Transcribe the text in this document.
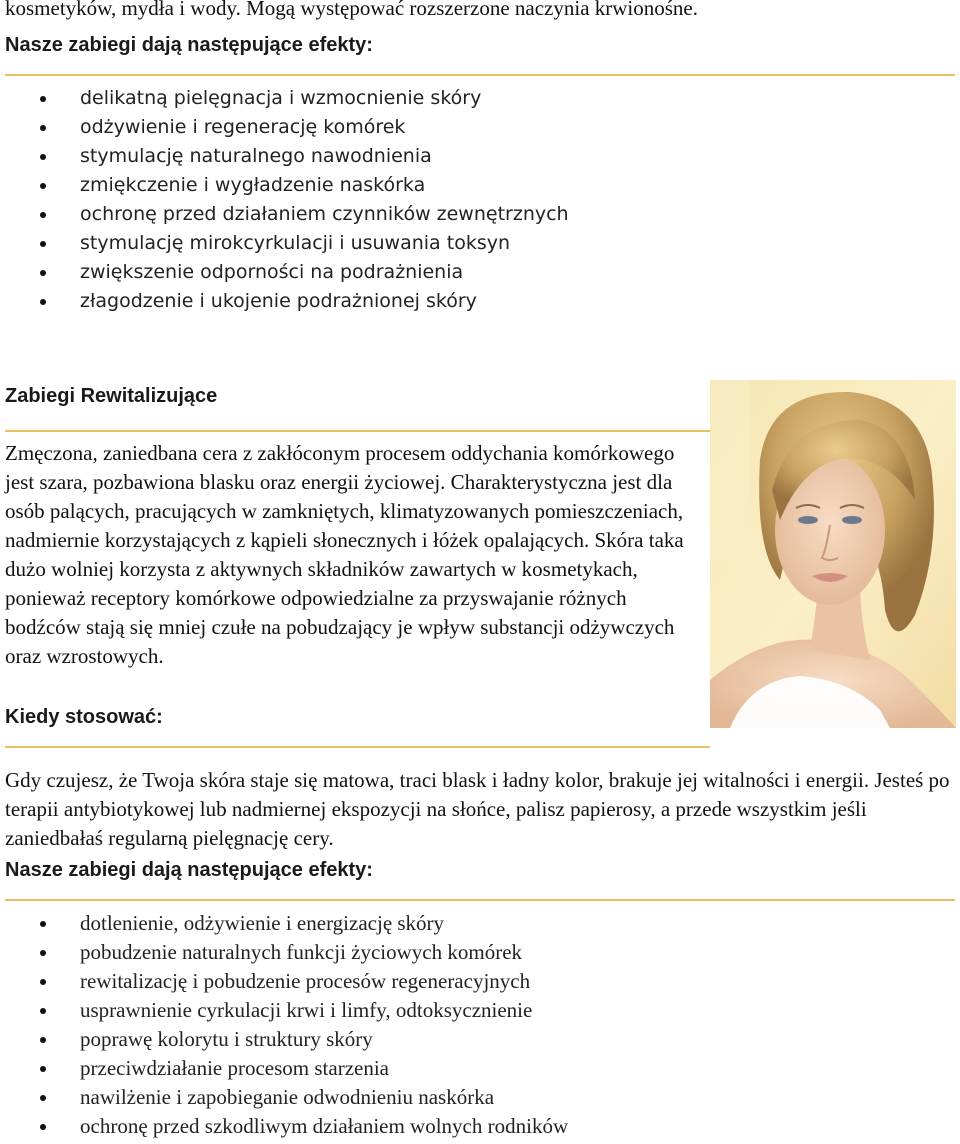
kosmetyków, mydła i wody. Mogą występować rozszerzone naczynia krwionośne.

Nasze zabiegi dają następujące efekty:
delikatną pielęgnacja i wzmocnienie skóry
odżywienie i regenerację komórek
stymulację naturalnego nawodnienia
zmiękczenie i wygładzenie naskórka
ochronę przed działaniem czynników zewnętrznych
stymulację mirokcyrkulacji i usuwania toksyn
zwiększenie odporności na podrażnienia
złagodzenie i ukojenie podrażnionej skóry
Zabiegi Rewitalizujące

Zmęczona, zaniedbana cera z zakłóconym procesem oddychania komórkowego jest szara, pozbawiona blasku oraz energii życiowej. Charakterystyczna jest dla osób palących, pracujących w zamkniętych, klimatyzowanych pomieszczeniach, nadmiernie korzystających z kąpieli słonecznych i łóżek opalających. Skóra taka dużo wolniej korzysta z aktywnych składników zawartych w kosmetykach, ponieważ receptory komórkowe odpowiedzialne za przyswajanie różnych bodźców stają się mniej czułe na pobudzający je wpływ substancji odżywczych oraz wzrostowych.

Kiedy stosować:

Gdy czujesz, że Twoja skóra staje się matowa, traci blask i ładny kolor, brakuje jej witalności i energii. Jesteś po terapii antybiotykowej lub nadmiernej ekspozycji na słońce, palisz papierosy, a przede wszystkim jeśli zaniedbałaś regularną pielęgnację cery.

Nasze zabiegi dają następujące efekty:
dotlenienie, odżywienie i energizację skóry
pobudzenie naturalnych funkcji życiowych komórek
rewitalizację i pobudzenie procesów regeneracyjnych
usprawnienie cyrkulacji krwi i limfy, odtoksycznienie
poprawę kolorytu i struktury skóry
przeciwdziałanie procesom starzenia
nawilżenie i zapobieganie odwodnieniu naskórka
ochronę przed szkodliwym działaniem wolnych rodników
